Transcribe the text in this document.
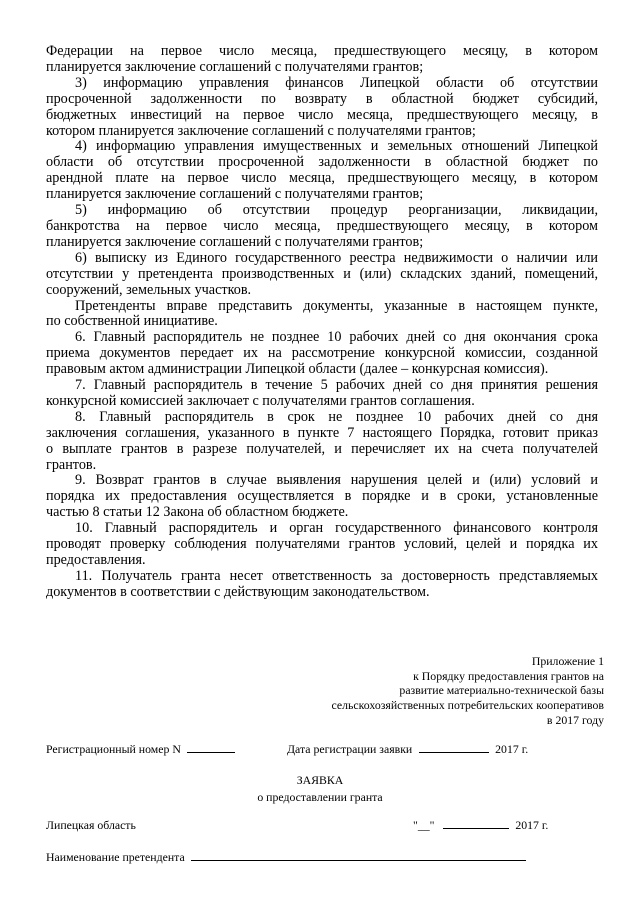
Федерации на первое число месяца, предшествующего месяцу, в котором
планируется заключение соглашений с получателями грантов;
3) информацию управления финансов Липецкой области об отсутствии
просроченной задолженности по возврату в областной бюджет субсидий,
бюджетных инвестиций на первое число месяца, предшествующего месяцу, в
котором планируется заключение соглашений с получателями грантов;
4) информацию управления имущественных и земельных отношений Липецкой
области об отсутствии просроченной задолженности в областной бюджет по
арендной плате на первое число месяца, предшествующего месяцу, в котором
планируется заключение соглашений с получателями грантов;
5) информацию об отсутствии процедур реорганизации, ликвидации,
банкротства на первое число месяца, предшествующего месяцу, в котором
планируется заключение соглашений с получателями грантов;
6) выписку из Единого государственного реестра недвижимости о наличии или
отсутствии у претендента производственных и (или) складских зданий, помещений,
сооружений, земельных участков.
Претенденты вправе представить документы, указанные в настоящем пункте,
по собственной инициативе.
6. Главный распорядитель не позднее 10 рабочих дней со дня окончания срока
приема документов передает их на рассмотрение конкурсной комиссии, созданной
правовым актом администрации Липецкой области (далее – конкурсная комиссия).
7. Главный распорядитель в течение 5 рабочих дней со дня принятия решения
конкурсной комиссией заключает с получателями грантов соглашения.
8. Главный распорядитель в срок не позднее 10 рабочих дней со дня
заключения соглашения, указанного в пункте 7 настоящего Порядка, готовит приказ
о выплате грантов в разрезе получателей, и перечисляет их на счета получателей
грантов.
9. Возврат грантов в случае выявления нарушения целей и (или) условий и
порядка их предоставления осуществляется в порядке и в сроки, установленные
частью 8 статьи 12 Закона об областном бюджете.
10. Главный распорядитель и орган государственного финансового контроля
проводят проверку соблюдения получателями грантов условий, целей и порядка их
предоставления.
11. Получатель гранта несет ответственность за достоверность представляемых
документов в соответствии с действующим законодательством.
Приложение 1
к Порядку предоставления грантов на
развитие материально-технической базы
сельскохозяйственных потребительских кооперативов
в 2017 году
Регистрационный номер N	Дата регистрации заявки	2017 г.
ЗАЯВКА
о предоставлении гранта
Липецкая область	"__"	2017 г.
Наименование претендента
